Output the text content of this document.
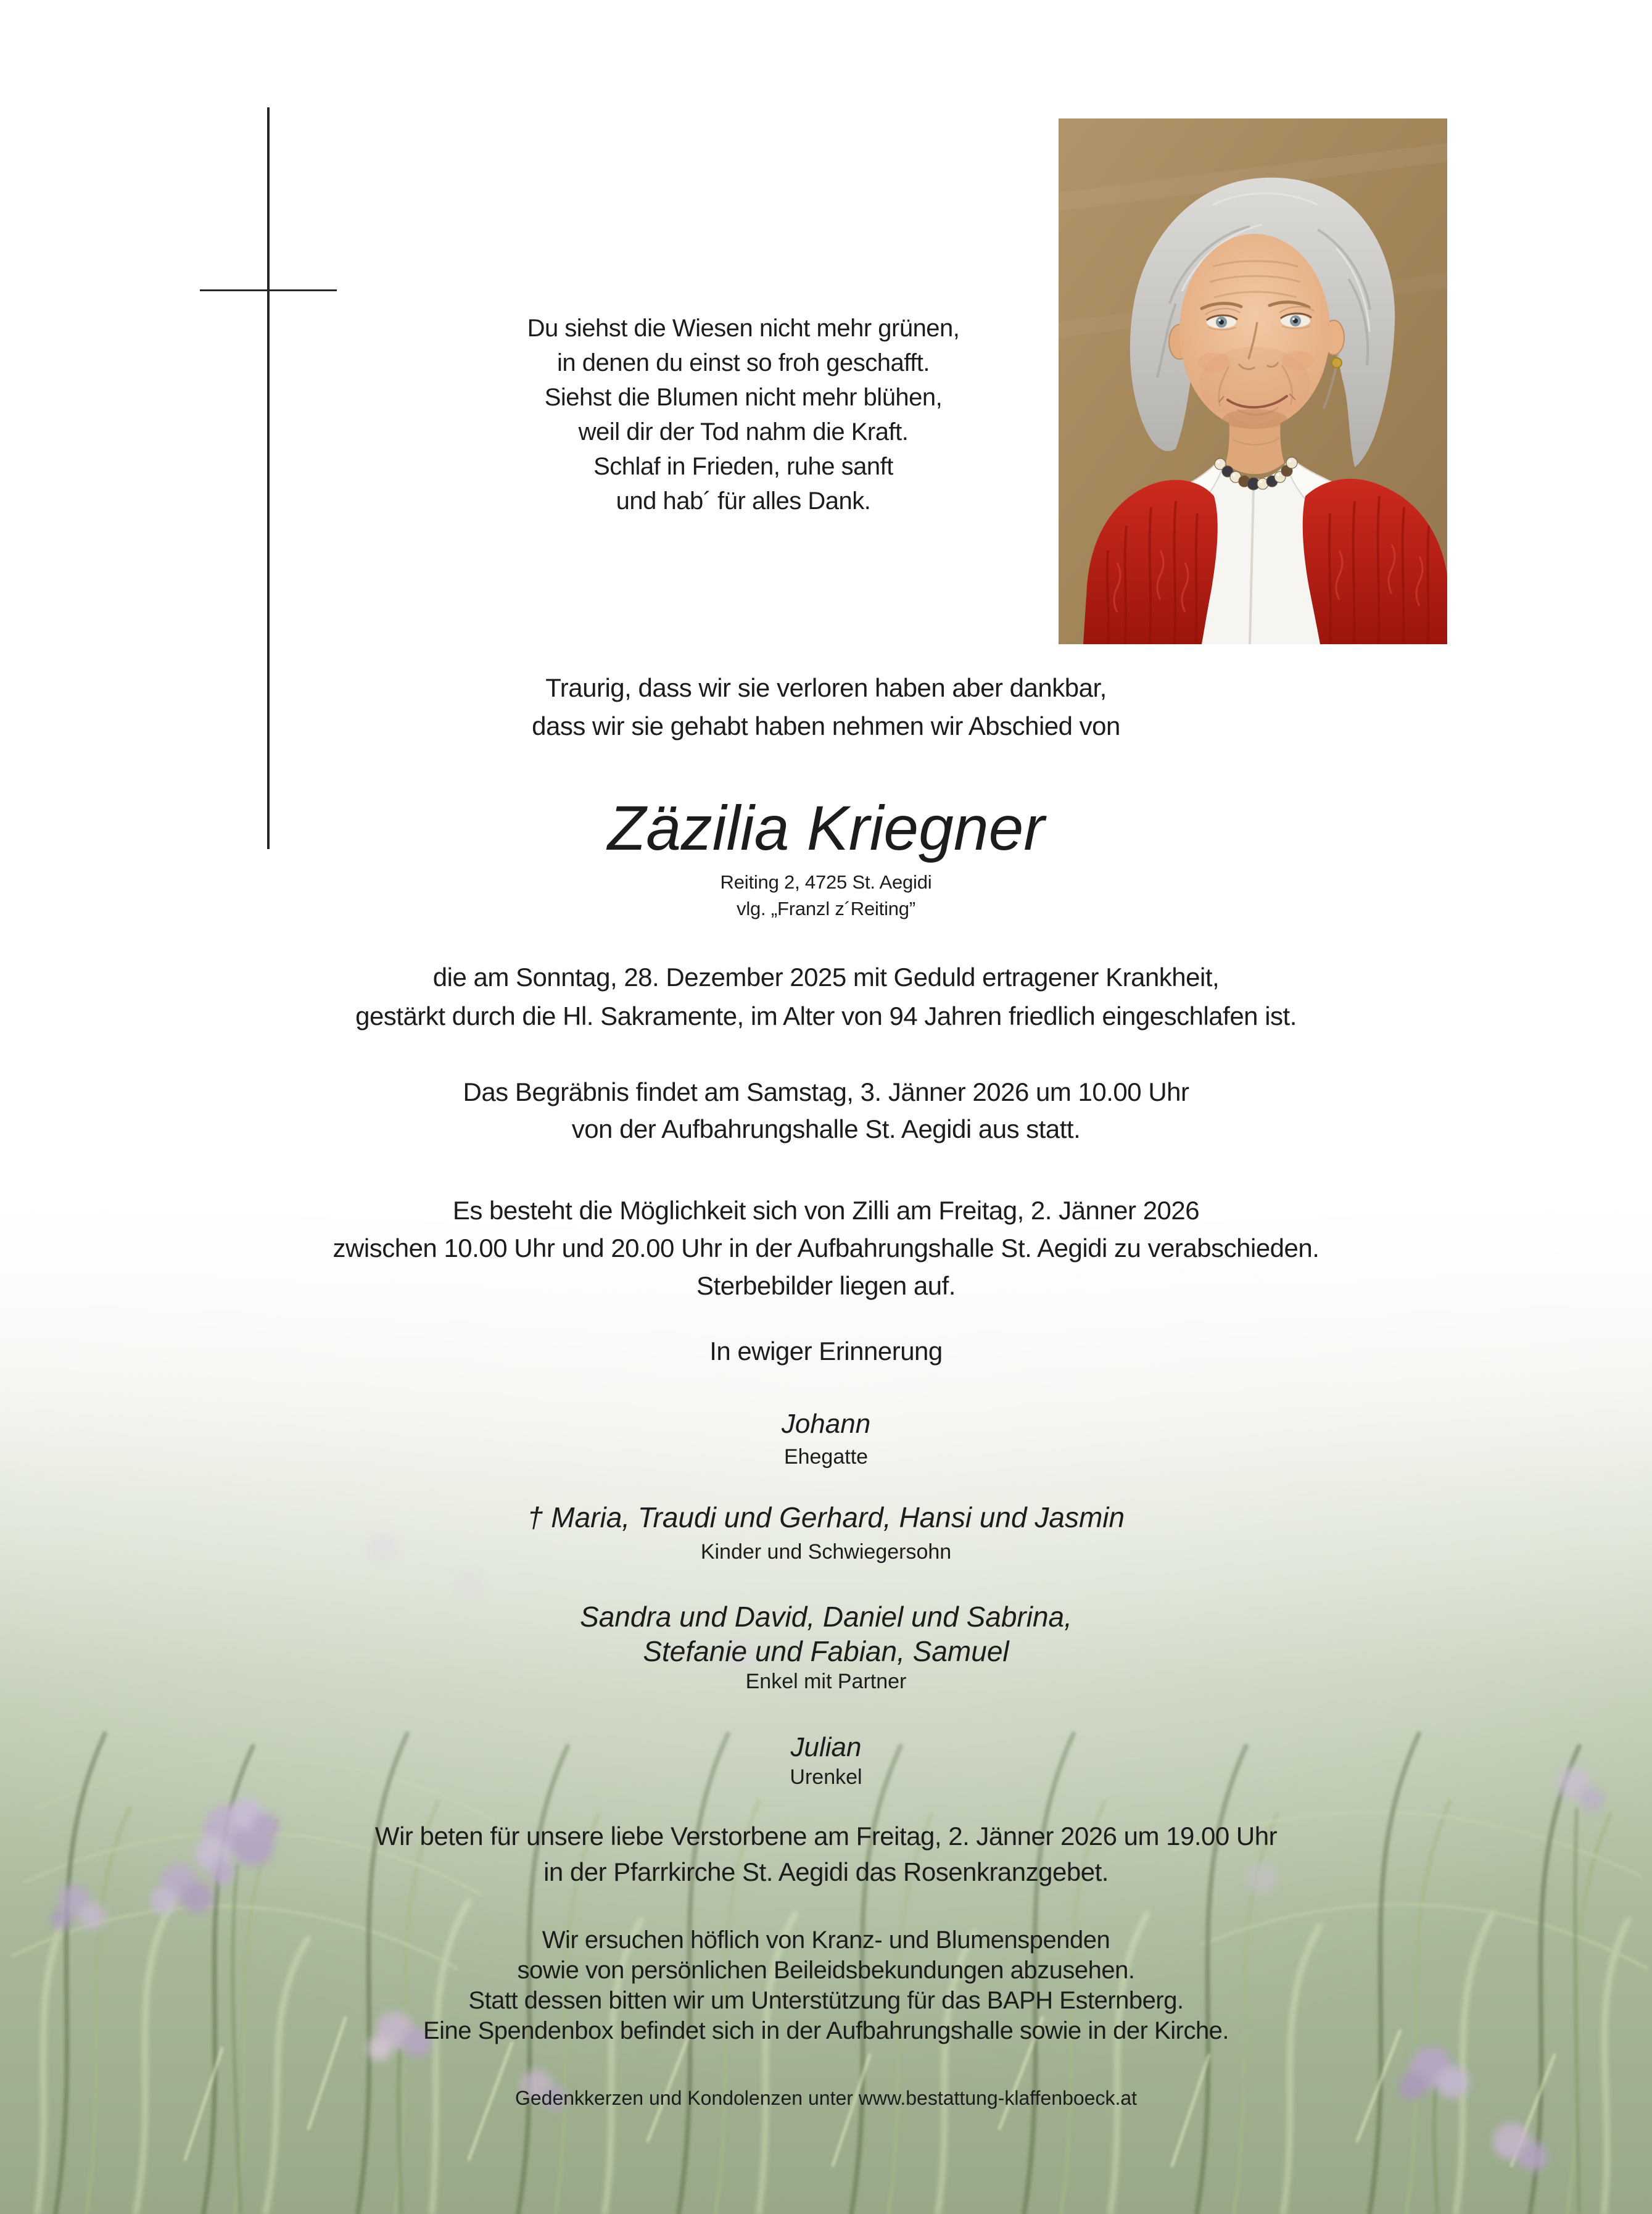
Du siehst die Wiesen nicht mehr grünen,
in denen du einst so froh geschafft.
Siehst die Blumen nicht mehr blühen,
weil dir der Tod nahm die Kraft.
Schlaf in Frieden, ruhe sanft
und hab´ für alles Dank.
Traurig, dass wir sie verloren haben aber dankbar,
dass wir sie gehabt haben nehmen wir Abschied von
Zäzilia Kriegner
Reiting 2, 4725 St. Aegidi
vlg. „Franzl z´Reiting”
die am Sonntag, 28. Dezember 2025 mit Geduld ertragener Krankheit,
gestärkt durch die Hl. Sakramente, im Alter von 94 Jahren friedlich eingeschlafen ist.
Das Begräbnis findet am Samstag, 3. Jänner 2026 um 10.00 Uhr
von der Aufbahrungshalle St. Aegidi aus statt.
Es besteht die Möglichkeit sich von Zilli am Freitag, 2. Jänner 2026
zwischen 10.00 Uhr und 20.00 Uhr in der Aufbahrungshalle St. Aegidi zu verabschieden.
Sterbebilder liegen auf.
In ewiger Erinnerung
Johann
Ehegatte
† Maria, Traudi und Gerhard, Hansi und Jasmin
Kinder und Schwiegersohn
Sandra und David, Daniel und Sabrina,
Stefanie und Fabian, Samuel
Enkel mit Partner
Julian
Urenkel
Wir beten für unsere liebe Verstorbene am Freitag, 2. Jänner 2026 um 19.00 Uhr
in der Pfarrkirche St. Aegidi das Rosenkranzgebet.
Wir ersuchen höflich von Kranz- und Blumenspenden
sowie von persönlichen Beileidsbekundungen abzusehen.
Statt dessen bitten wir um Unterstützung für das BAPH Esternberg.
Eine Spendenbox befindet sich in der Aufbahrungshalle sowie in der Kirche.
Gedenkkerzen und Kondolenzen unter www.bestattung-klaffenboeck.at
